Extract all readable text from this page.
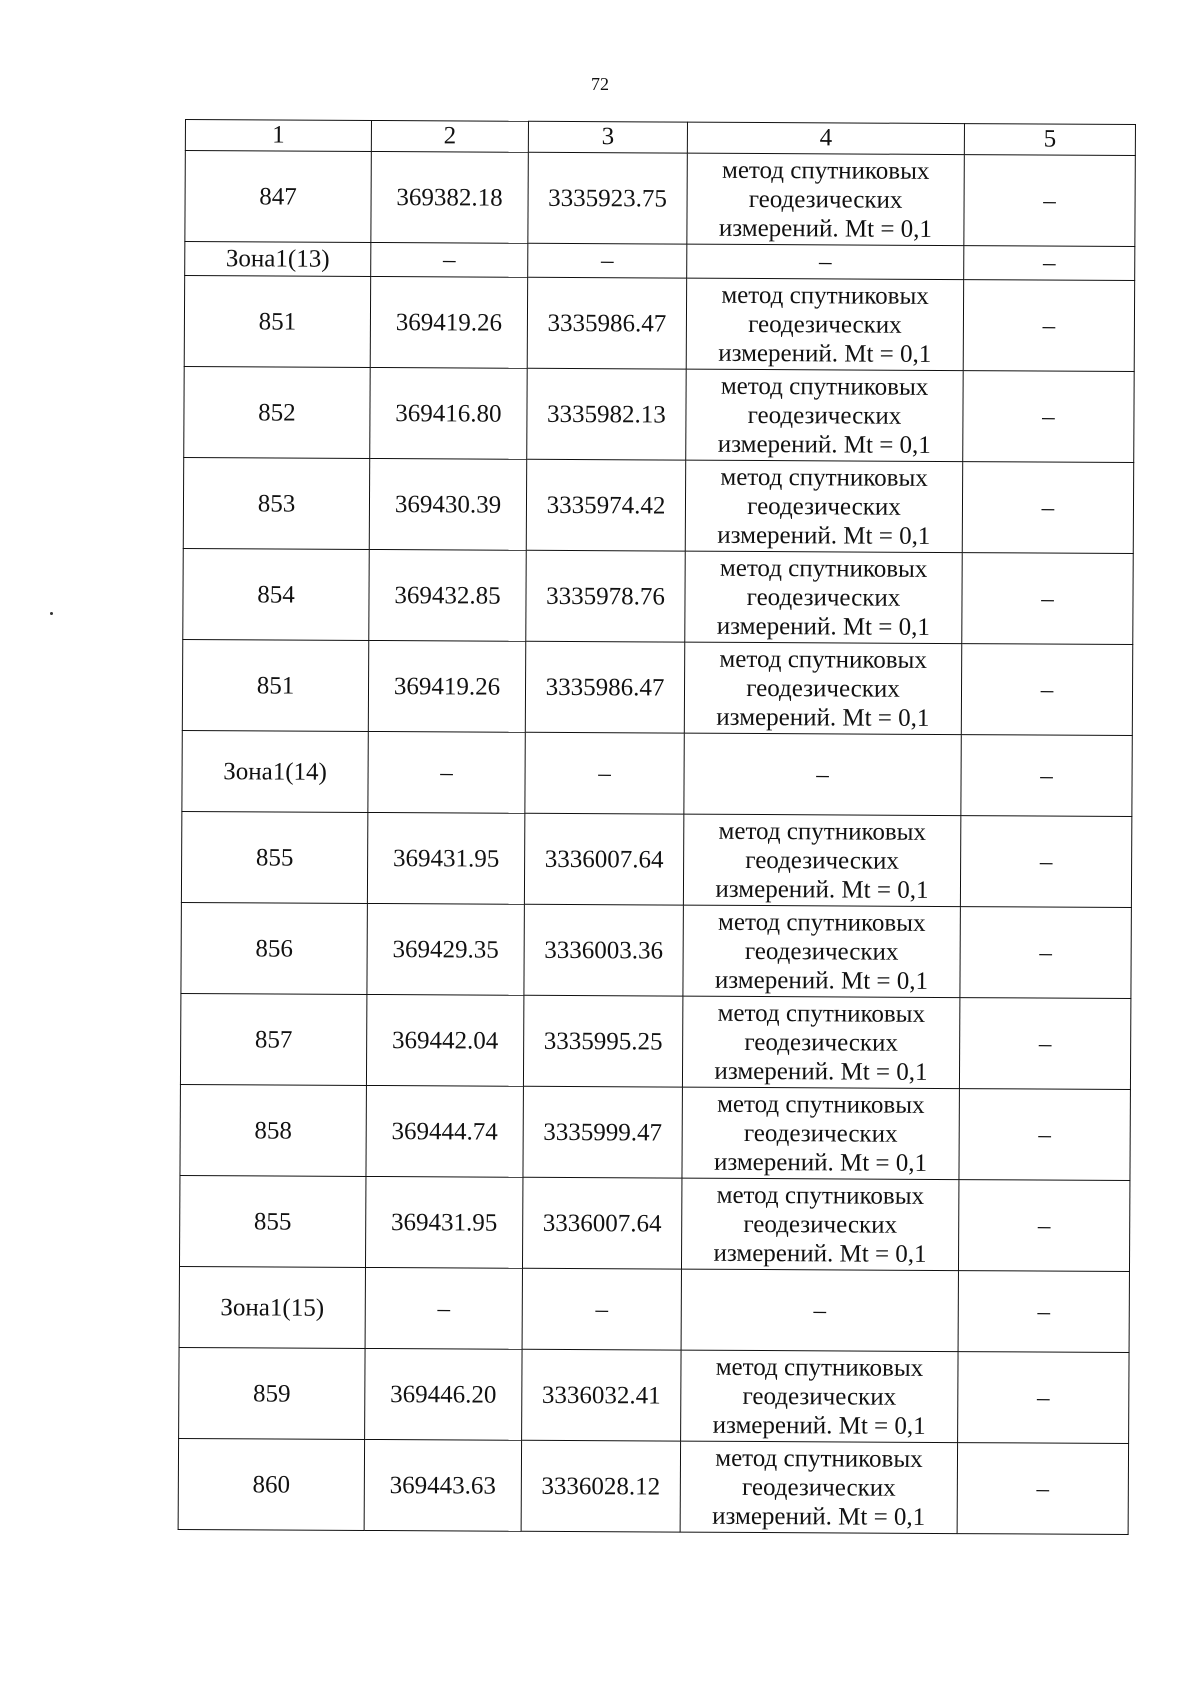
72
1	2	3	4	5
847	369382.18	3335923.75	метод спутниковых
геодезических
измерений. Mt = 0,1	–
Зона1(13)	–	–	–	–
851	369419.26	3335986.47	метод спутниковых
геодезических
измерений. Mt = 0,1	–
852	369416.80	3335982.13	метод спутниковых
геодезических
измерений. Mt = 0,1	–
853	369430.39	3335974.42	метод спутниковых
геодезических
измерений. Mt = 0,1	–
854	369432.85	3335978.76	метод спутниковых
геодезических
измерений. Mt = 0,1	–
851	369419.26	3335986.47	метод спутниковых
геодезических
измерений. Mt = 0,1	–
Зона1(14)	–	–	–	–
855	369431.95	3336007.64	метод спутниковых
геодезических
измерений. Mt = 0,1	–
856	369429.35	3336003.36	метод спутниковых
геодезических
измерений. Mt = 0,1	–
857	369442.04	3335995.25	метод спутниковых
геодезических
измерений. Mt = 0,1	–
858	369444.74	3335999.47	метод спутниковых
геодезических
измерений. Mt = 0,1	–
855	369431.95	3336007.64	метод спутниковых
геодезических
измерений. Mt = 0,1	–
Зона1(15)	–	–	–	–
859	369446.20	3336032.41	метод спутниковых
геодезических
измерений. Mt = 0,1	–
860	369443.63	3336028.12	метод спутниковых
геодезических
измерений. Mt = 0,1	–
